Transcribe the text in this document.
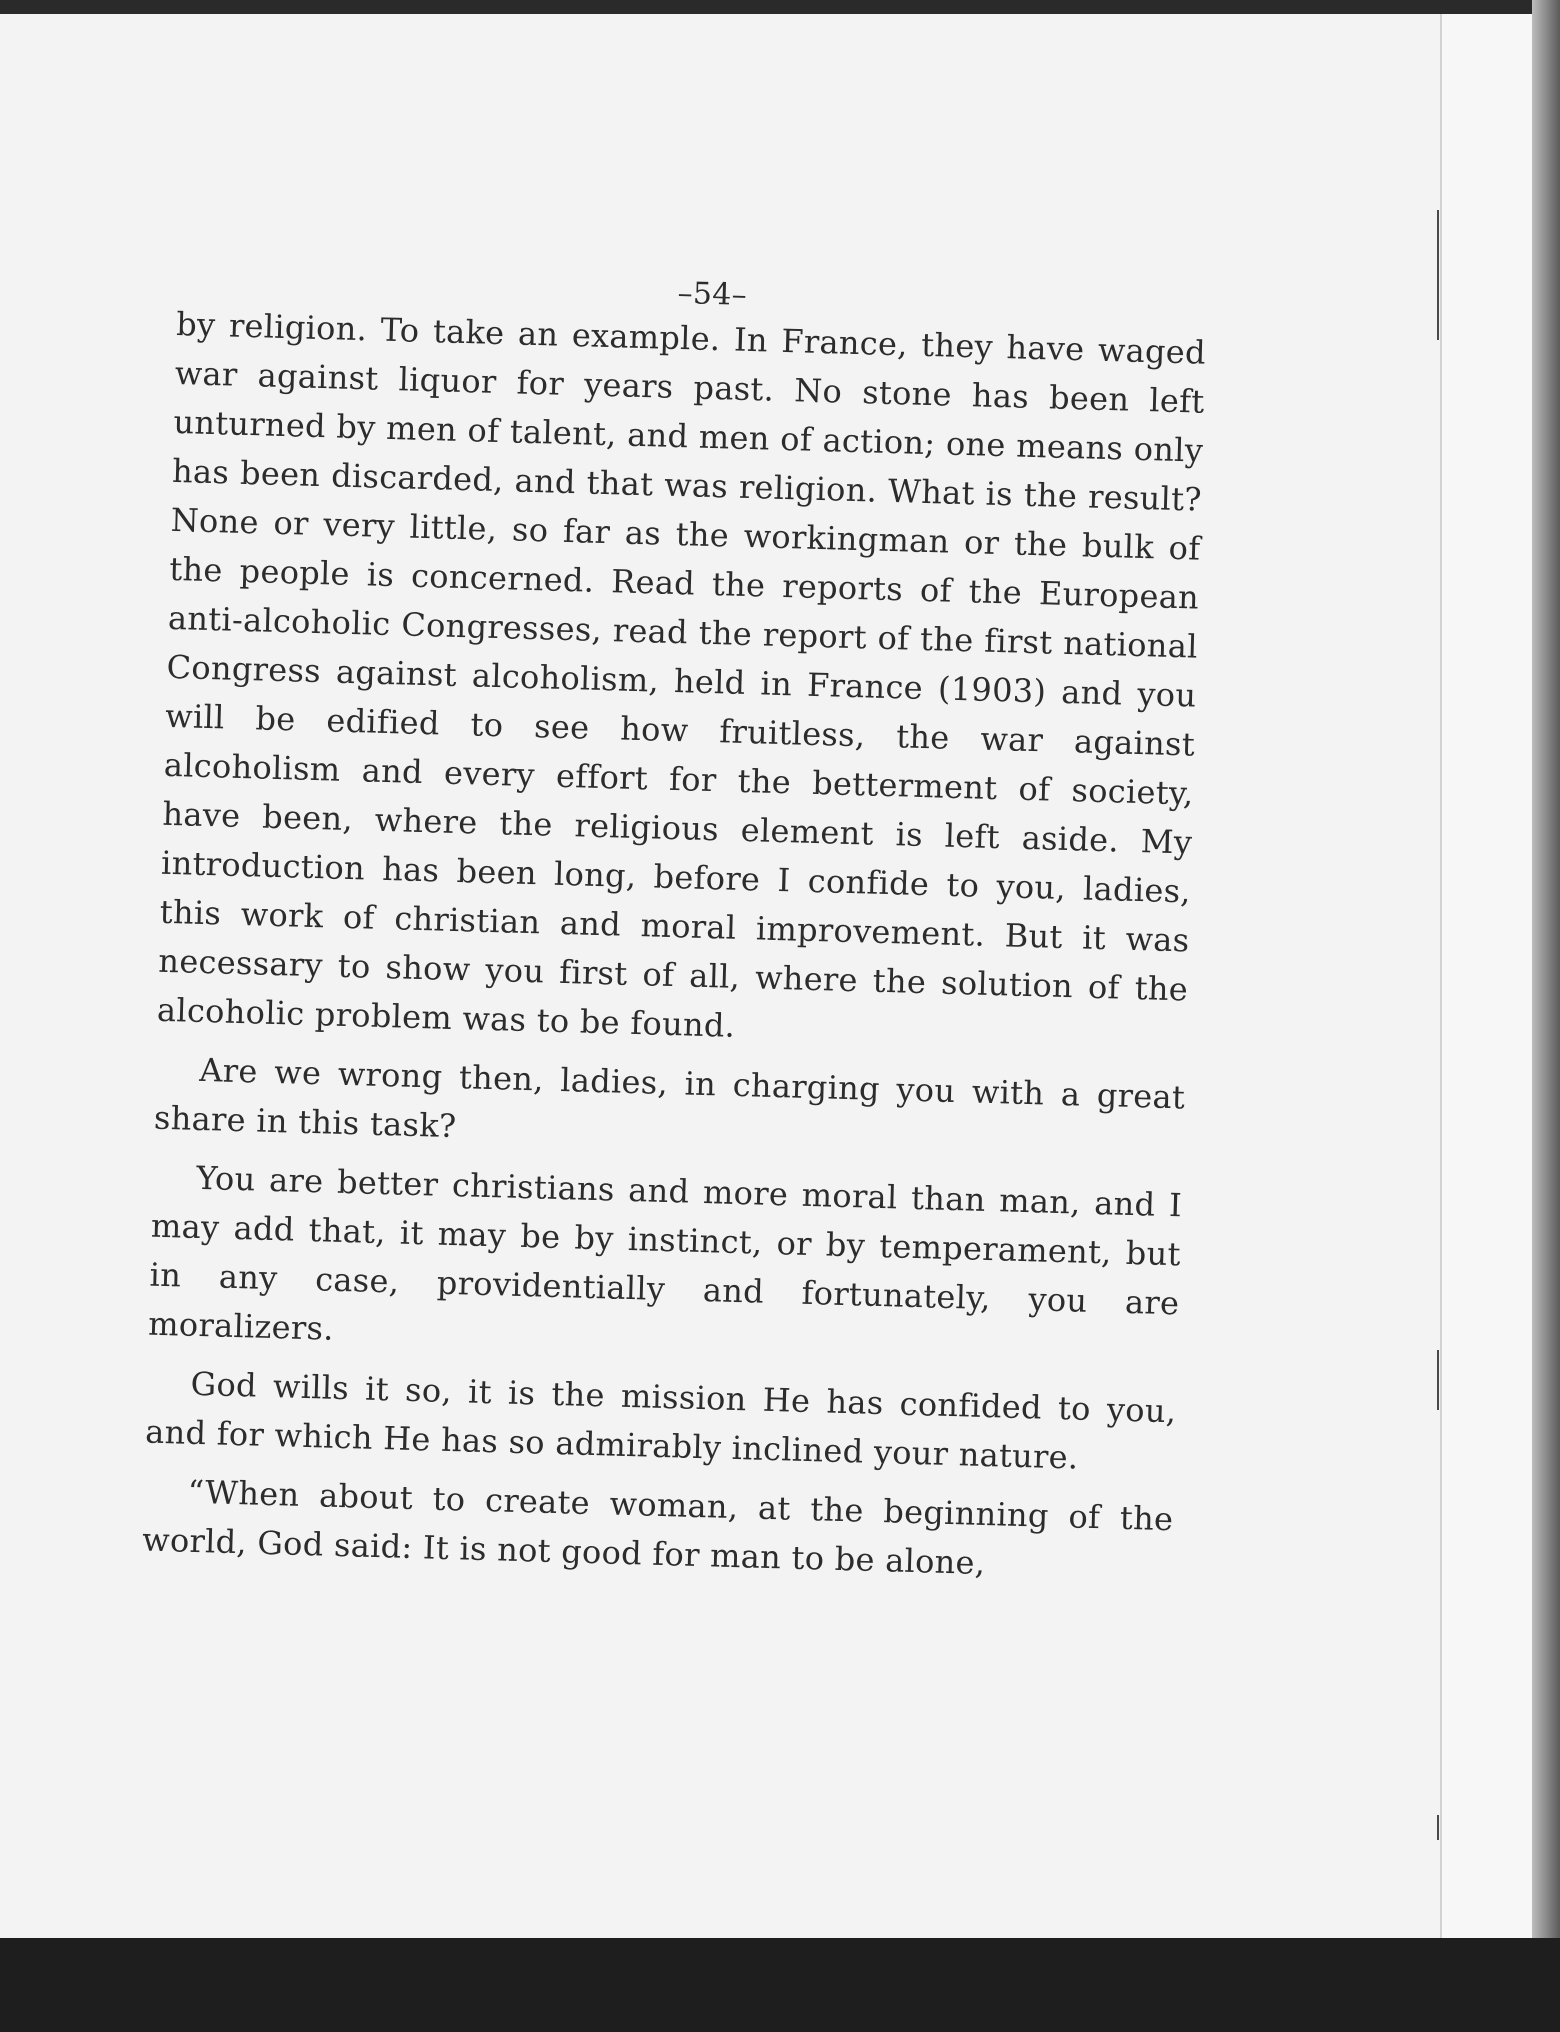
–54–

by religion. To take an example. In France, they have waged war against liquor for years past. No stone has been left unturned by men of talent, and men of action; one means only has been discarded, and that was religion. What is the result? None or very little, so far as the workingman or the bulk of the people is concerned. Read the reports of the European anti-alcoholic Congresses, read the report of the first national Congress against alcoholism, held in France (1903) and you will be edified to see how fruitless, the war against alcoholism and every effort for the betterment of society, have been, where the religious element is left aside. My introduction has been long, before I confide to you, ladies, this work of christian and moral improvement. But it was necessary to show you first of all, where the solution of the alcoholic problem was to be found.

Are we wrong then, ladies, in charging you with a great share in this task?

You are better christians and more moral than man, and I may add that, it may be by instinct, or by temperament, but in any case, providentially and fortunately, you are moralizers.

God wills it so, it is the mission He has confided to you, and for which He has so admirably inclined your nature.

“When about to create woman, at the beginning of the world, God said: It is not good for man to be alone,
